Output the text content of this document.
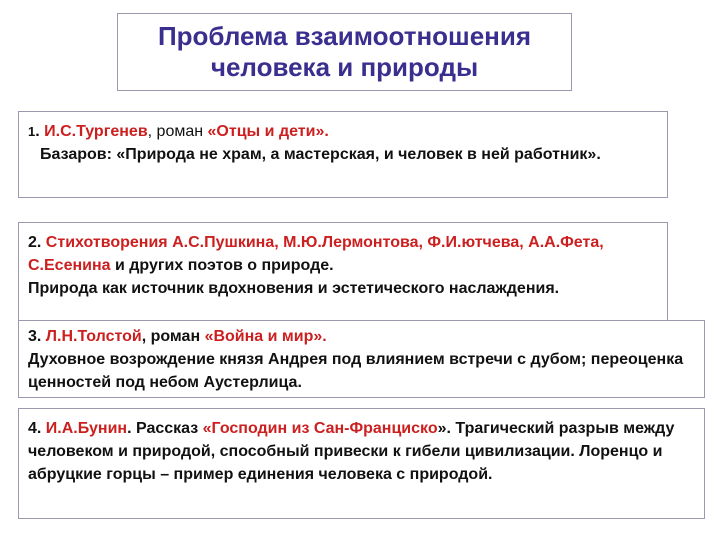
Проблема взаимоотношения
человека и природы
1. И.С.Тургенев, роман «Отцы и дети».
Базаров: «Природа не храм, а мастерская, и человек в ней работник».
2. Стихотворения А.С.Пушкина, М.Ю.Лермонтова, Ф.И.ютчева, А.А.Фета, С.Есенина и других поэтов о природе.
Природа как источник вдохновения и эстетического наслаждения.
3. Л.Н.Толстой, роман «Война и мир».
Духовное возрождение князя Андрея под влиянием встречи с дубом; переоценка ценностей под небом Аустерлица.
4. И.А.Бунин. Рассказ «Господин из Сан-Франциско». Трагический разрыв между человеком и природой, способный привески к гибели цивилизации. Лоренцо и абруцкие горцы – пример единения человека с природой.
